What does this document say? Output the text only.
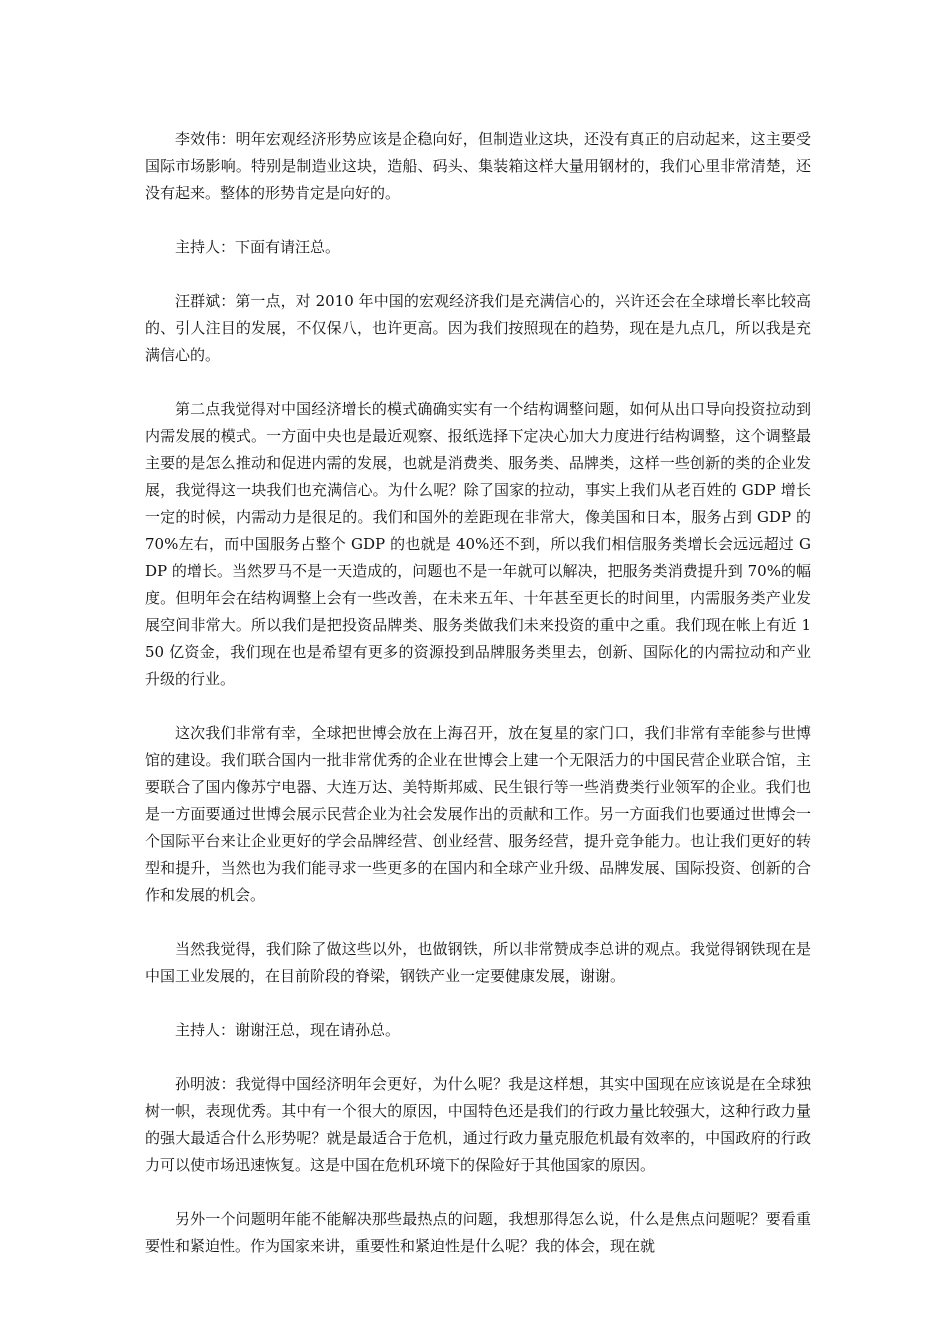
李效伟：明年宏观经济形势应该是企稳向好，但制造业这块，还没有真正的启动起来，这主要受国际市场影响。特别是制造业这块，造船、码头、集装箱这样大量用钢材的，我们心里非常清楚，还没有起来。整体的形势肯定是向好的。

主持人：下面有请汪总。

汪群斌：第一点，对 2010 年中国的宏观经济我们是充满信心的，兴许还会在全球增长率比较高的、引人注目的发展，不仅保八，也许更高。因为我们按照现在的趋势，现在是九点几，所以我是充满信心的。

第二点我觉得对中国经济增长的模式确确实实有一个结构调整问题，如何从出口导向投资拉动到内需发展的模式。一方面中央也是最近观察、报纸选择下定决心加大力度进行结构调整，这个调整最主要的是怎么推动和促进内需的发展，也就是消费类、服务类、品牌类，这样一些创新的类的企业发展，我觉得这一块我们也充满信心。为什么呢？除了国家的拉动，事实上我们从老百姓的 GDP 增长一定的时候，内需动力是很足的。我们和国外的差距现在非常大，像美国和日本，服务占到 GDP 的 70%左右，而中国服务占整个 GDP 的也就是 40%还不到，所以我们相信服务类增长会远远超过 GDP 的增长。当然罗马不是一天造成的，问题也不是一年就可以解决，把服务类消费提升到 70%的幅度。但明年会在结构调整上会有一些改善，在未来五年、十年甚至更长的时间里，内需服务类产业发展空间非常大。所以我们是把投资品牌类、服务类做我们未来投资的重中之重。我们现在帐上有近 150 亿资金，我们现在也是希望有更多的资源投到品牌服务类里去，创新、国际化的内需拉动和产业升级的行业。

这次我们非常有幸，全球把世博会放在上海召开，放在复星的家门口，我们非常有幸能参与世博馆的建设。我们联合国内一批非常优秀的企业在世博会上建一个无限活力的中国民营企业联合馆，主要联合了国内像苏宁电器、大连万达、美特斯邦威、民生银行等一些消费类行业领军的企业。我们也是一方面要通过世博会展示民营企业为社会发展作出的贡献和工作。另一方面我们也要通过世博会一个国际平台来让企业更好的学会品牌经营、创业经营、服务经营，提升竞争能力。也让我们更好的转型和提升，当然也为我们能寻求一些更多的在国内和全球产业升级、品牌发展、国际投资、创新的合作和发展的机会。

当然我觉得，我们除了做这些以外，也做钢铁，所以非常赞成李总讲的观点。我觉得钢铁现在是中国工业发展的，在目前阶段的脊梁，钢铁产业一定要健康发展，谢谢。

主持人：谢谢汪总，现在请孙总。

孙明波：我觉得中国经济明年会更好，为什么呢？我是这样想，其实中国现在应该说是在全球独树一帜，表现优秀。其中有一个很大的原因，中国特色还是我们的行政力量比较强大，这种行政力量的强大最适合什么形势呢？就是最适合于危机，通过行政力量克服危机最有效率的，中国政府的行政力可以使市场迅速恢复。这是中国在危机环境下的保险好于其他国家的原因。

另外一个问题明年能不能解决那些最热点的问题，我想那得怎么说，什么是焦点问题呢？要看重要性和紧迫性。作为国家来讲，重要性和紧迫性是什么呢？我的体会，现在就
